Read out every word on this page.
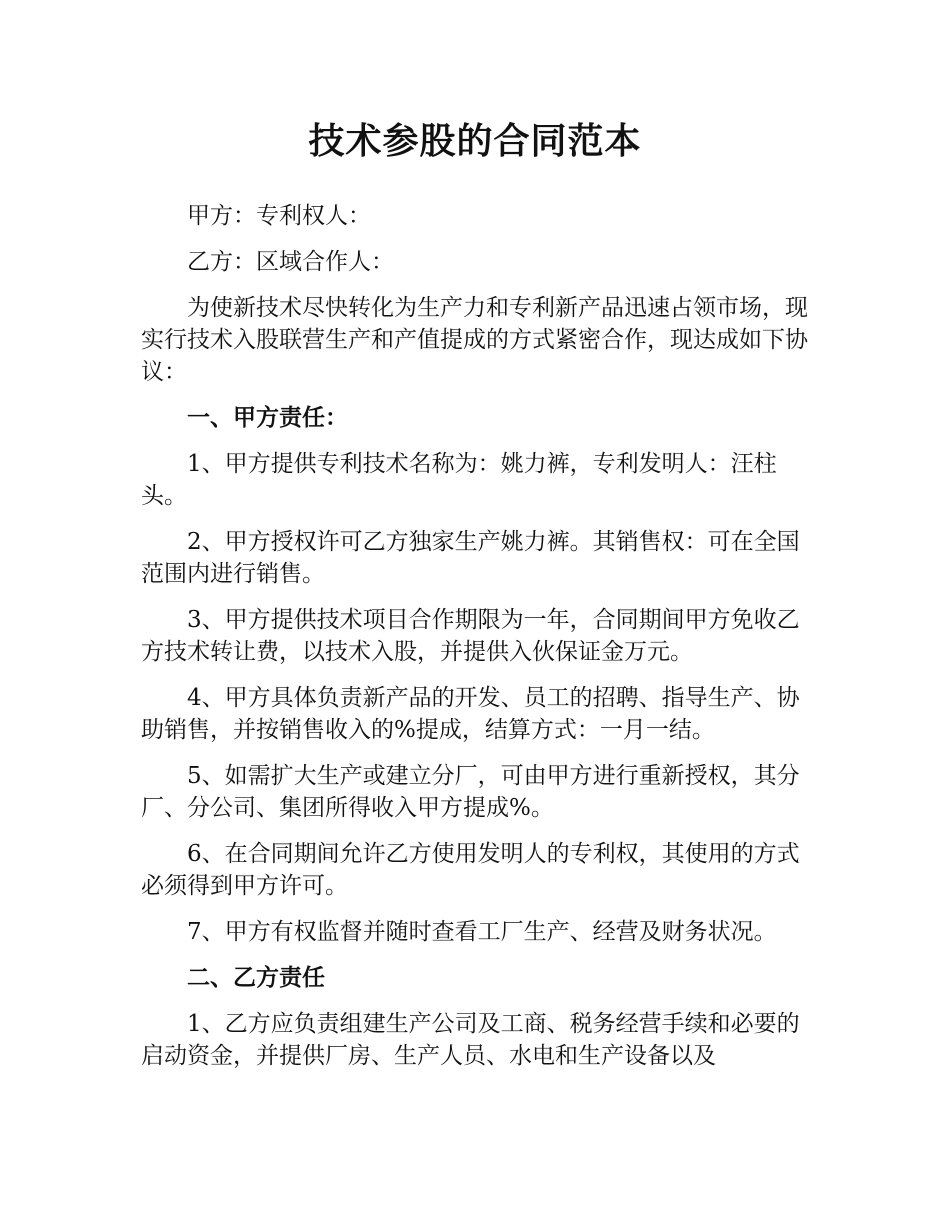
技术参股的合同范本

甲方：专利权人：

乙方：区域合作人：

为使新技术尽快转化为生产力和专利新产品迅速占领市场，现实行技术入股联营生产和产值提成的方式紧密合作，现达成如下协议：

一、甲方责任：

1、甲方提供专利技术名称为：姚力裤，专利发明人：汪柱头。

2、甲方授权许可乙方独家生产姚力裤。其销售权：可在全国范围内进行销售。

3、甲方提供技术项目合作期限为一年，合同期间甲方免收乙方技术转让费，以技术入股，并提供入伙保证金万元。

4、甲方具体负责新产品的开发、员工的招聘、指导生产、协助销售，并按销售收入的%提成，结算方式：一月一结。

5、如需扩大生产或建立分厂，可由甲方进行重新授权，其分厂、分公司、集团所得收入甲方提成%。

6、在合同期间允许乙方使用发明人的专利权，其使用的方式必须得到甲方许可。

7、甲方有权监督并随时查看工厂生产、经营及财务状况。

二、乙方责任

1、乙方应负责组建生产公司及工商、税务经营手续和必要的启动资金，并提供厂房、生产人员、水电和生产设备以及
